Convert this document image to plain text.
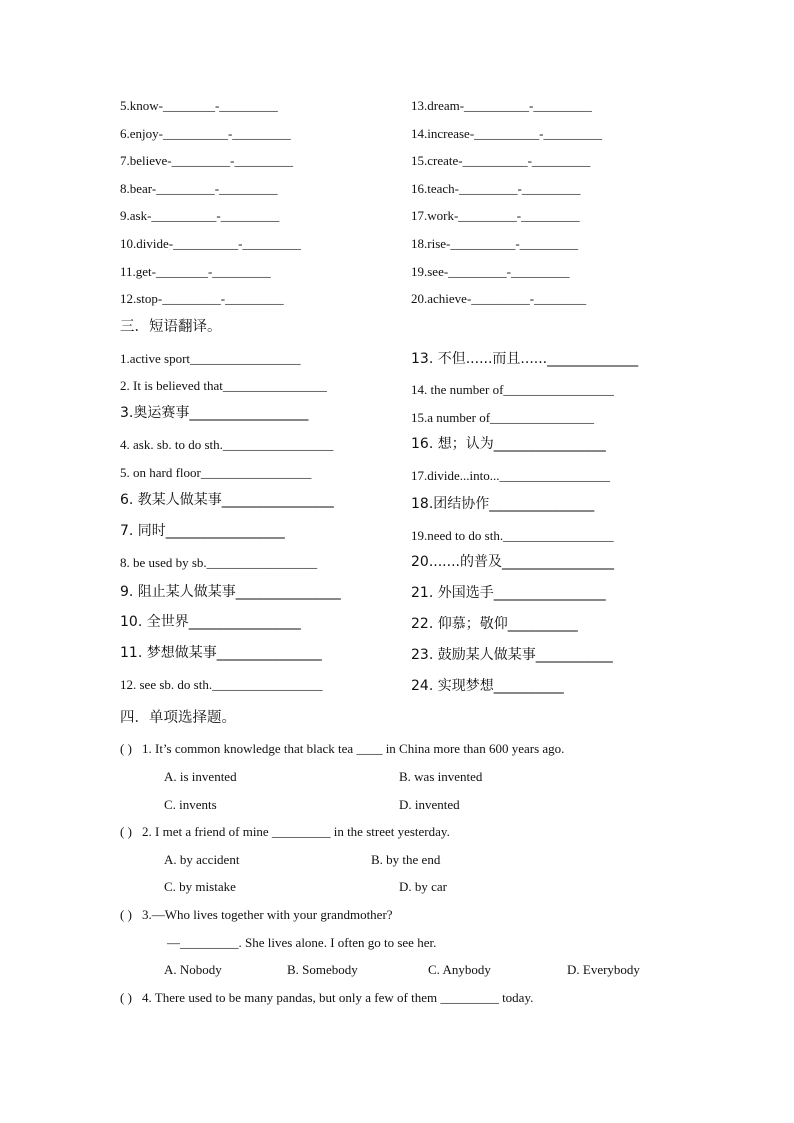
5.know-________-_________
6.enjoy-__________-_________
7.believe-_________-_________
8.bear-_________-_________
9.ask-__________-_________
10.divide-__________-_________
11.get-________-_________
12.stop-_________-_________
13.dream-__________-_________
14.increase-__________-_________
15.create-__________-_________
16.teach-_________-_________
17.work-_________-_________
18.rise-__________-_________
19.see-_________-_________
20.achieve-_________-________
三．短语翻译。
1.active sport_________________
2. It is believed that________________
3.奥运赛事_________________
4. ask. sb. to do sth._________________
5. on hard floor_________________
6. 教某人做某事________________
7. 同时_________________
8. be used by sb._________________
9. 阻止某人做某事_______________
10. 全世界________________
11. 梦想做某事_______________
12. see sb. do sth._________________
13. 不但......而且......_____________
14. the number of_________________
15.a number of________________
16. 想；认为________________
17.divide...into..._________________
18.团结协作_______________
19.need to do sth._________________
20.......的普及________________
21. 外国选手________________
22. 仰慕；敬仰__________
23. 鼓励某人做某事___________
24. 实现梦想__________
四．单项选择题。
( ) 1. It’s common knowledge that black tea ____ in China more than 600 years ago.
A. is invented	B. was invented
C. invents	D. invented
( ) 2. I met a friend of mine _________ in the street yesterday.
A. by accident	B. by the end
C. by mistake	D. by car
( ) 3.—Who lives together with your grandmother?
—_________. She lives alone. I often go to see her.
A. Nobody	B. Somebody	C. Anybody	D. Everybody
( ) 4. There used to be many pandas, but only a few of them _________ today.
